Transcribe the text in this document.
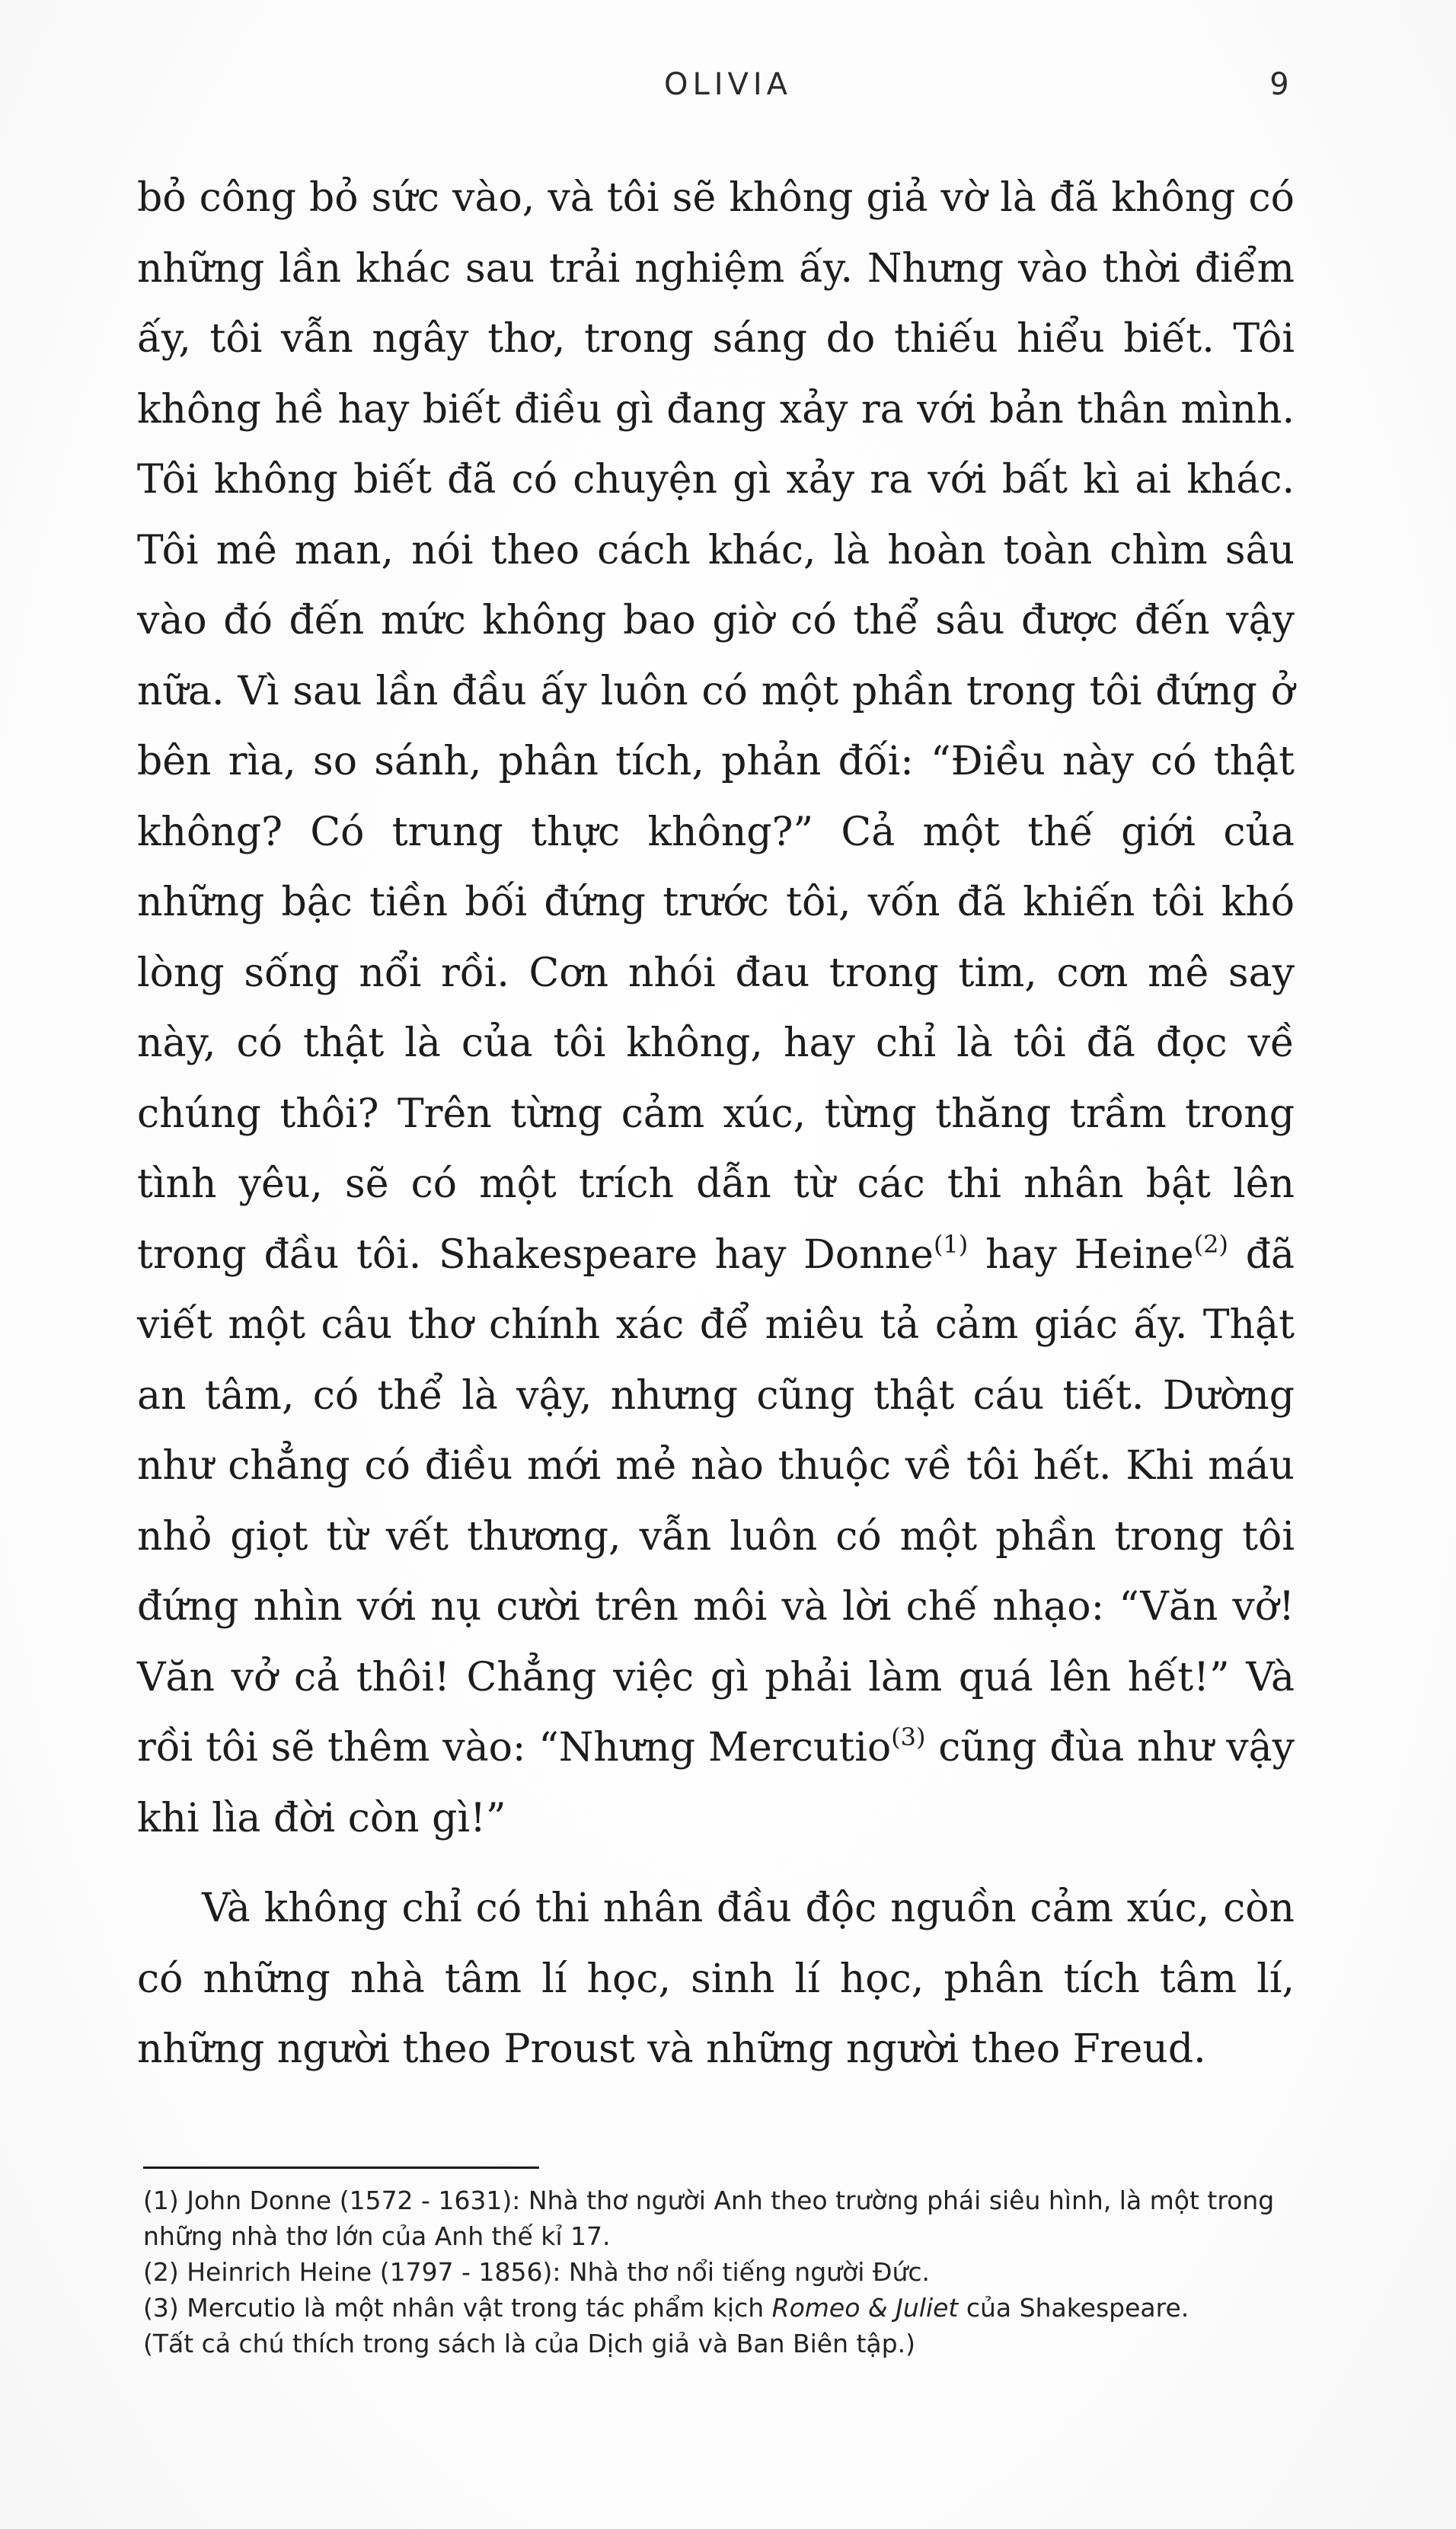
OLIVIA	9

bỏ công bỏ sức vào, và tôi sẽ không giả vờ là đã không có những lần khác sau trải nghiệm ấy. Nhưng vào thời điểm ấy, tôi vẫn ngây thơ, trong sáng do thiếu hiểu biết. Tôi không hề hay biết điều gì đang xảy ra với bản thân mình. Tôi không biết đã có chuyện gì xảy ra với bất kì ai khác. Tôi mê man, nói theo cách khác, là hoàn toàn chìm sâu vào đó đến mức không bao giờ có thể sâu được đến vậy nữa. Vì sau lần đầu ấy luôn có một phần trong tôi đứng ở bên rìa, so sánh, phân tích, phản đối: “Điều này có thật không? Có trung thực không?” Cả một thế giới của những bậc tiền bối đứng trước tôi, vốn đã khiến tôi khó lòng sống nổi rồi. Cơn nhói đau trong tim, cơn mê say này, có thật là của tôi không, hay chỉ là tôi đã đọc về chúng thôi? Trên từng cảm xúc, từng thăng trầm trong tình yêu, sẽ có một trích dẫn từ các thi nhân bật lên trong đầu tôi. Shakespeare hay Donne$^{(1)}$ hay Heine$^{(2)}$ đã viết một câu thơ chính xác để miêu tả cảm giác ấy. Thật an tâm, có thể là vậy, nhưng cũng thật cáu tiết. Dường như chẳng có điều mới mẻ nào thuộc về tôi hết. Khi máu nhỏ giọt từ vết thương, vẫn luôn có một phần trong tôi đứng nhìn với nụ cười trên môi và lời chế nhạo: “Văn vở! Văn vở cả thôi! Chẳng việc gì phải làm quá lên hết!” Và rồi tôi sẽ thêm vào: “Nhưng Mercutio$^{(3)}$ cũng đùa như vậy khi lìa đời còn gì!”

Và không chỉ có thi nhân đầu độc nguồn cảm xúc, còn có những nhà tâm lí học, sinh lí học, phân tích tâm lí, những người theo Proust và những người theo Freud.

(1) John Donne (1572 - 1631): Nhà thơ người Anh theo trường phái siêu hình, là một trong những nhà thơ lớn của Anh thế kỉ 17.

(2) Heinrich Heine (1797 - 1856): Nhà thơ nổi tiếng người Đức.

(3) Mercutio là một nhân vật trong tác phẩm kịch Romeo & Juliet của Shakespeare.

(Tất cả chú thích trong sách là của Dịch giả và Ban Biên tập.)
